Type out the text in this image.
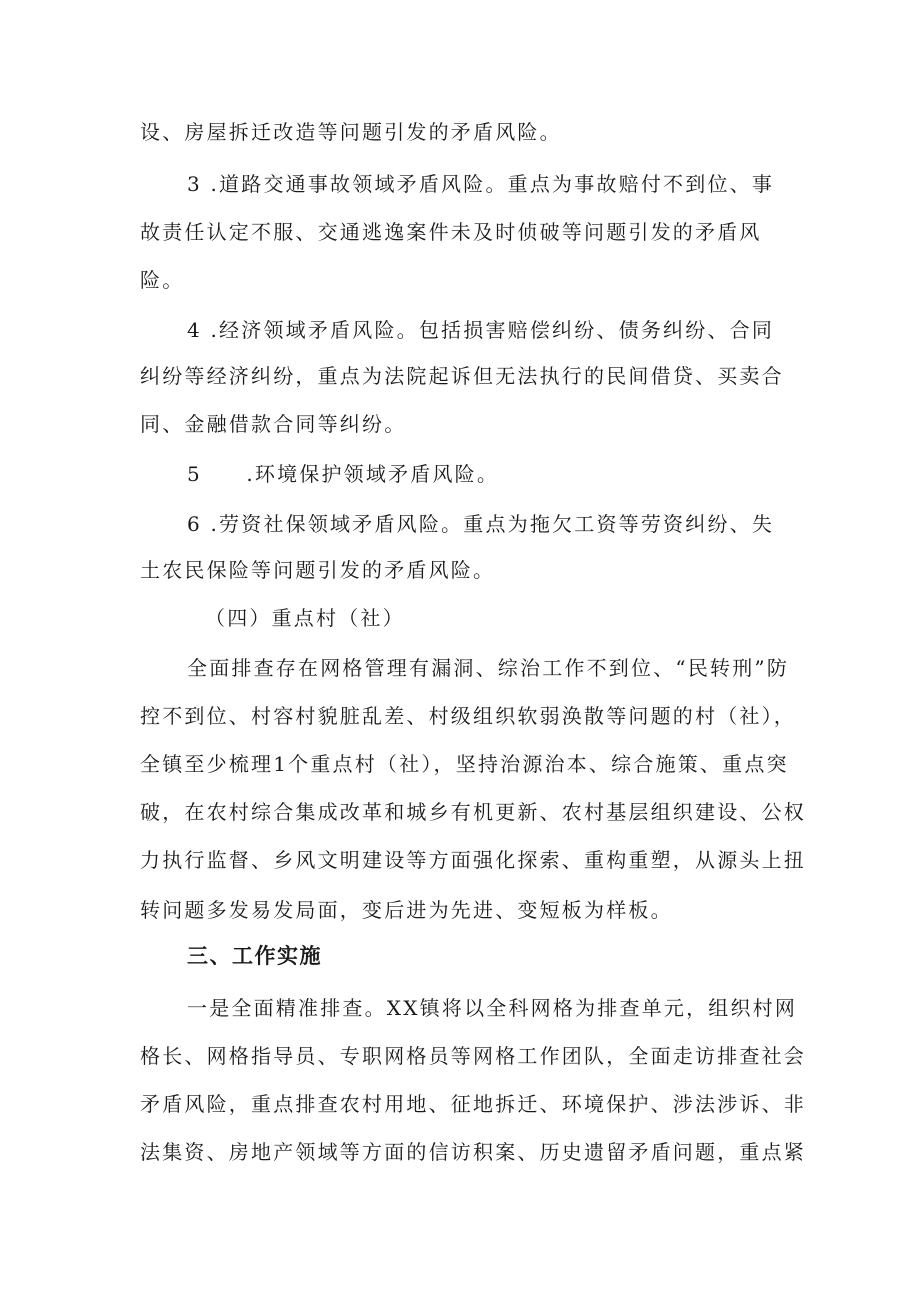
设、房屋拆迁改造等问题引发的矛盾风险。
3 .道路交通事故领域矛盾风险。重点为事故赔付不到位、事
故责任认定不服、交通逃逸案件未及时侦破等问题引发的矛盾风
险。
4 .经济领域矛盾风险。包括损害赔偿纠纷、债务纠纷、合同
纠纷等经济纠纷，重点为法院起诉但无法执行的民间借贷、买卖合
同、金融借款合同等纠纷。
5　　.环境保护领域矛盾风险。
6 .劳资社保领域矛盾风险。重点为拖欠工资等劳资纠纷、失
土农民保险等问题引发的矛盾风险。
（四）重点村（社）
全面排查存在网格管理有漏洞、综治工作不到位、“民转刑”防
控不到位、村容村貌脏乱差、村级组织软弱涣散等问题的村（社），
全镇至少梳理1个重点村（社），坚持治源治本、综合施策、重点突
破，在农村综合集成改革和城乡有机更新、农村基层组织建设、公权
力执行监督、乡风文明建设等方面强化探索、重构重塑，从源头上扭
转问题多发易发局面，变后进为先进、变短板为样板。
三、工作实施
一是全面精准排查。XX镇将以全科网格为排查单元，组织村网
格长、网格指导员、专职网格员等网格工作团队，全面走访排查社会
矛盾风险，重点排查农村用地、征地拆迁、环境保护、涉法涉诉、非
法集资、房地产领域等方面的信访积案、历史遗留矛盾问题，重点紧
